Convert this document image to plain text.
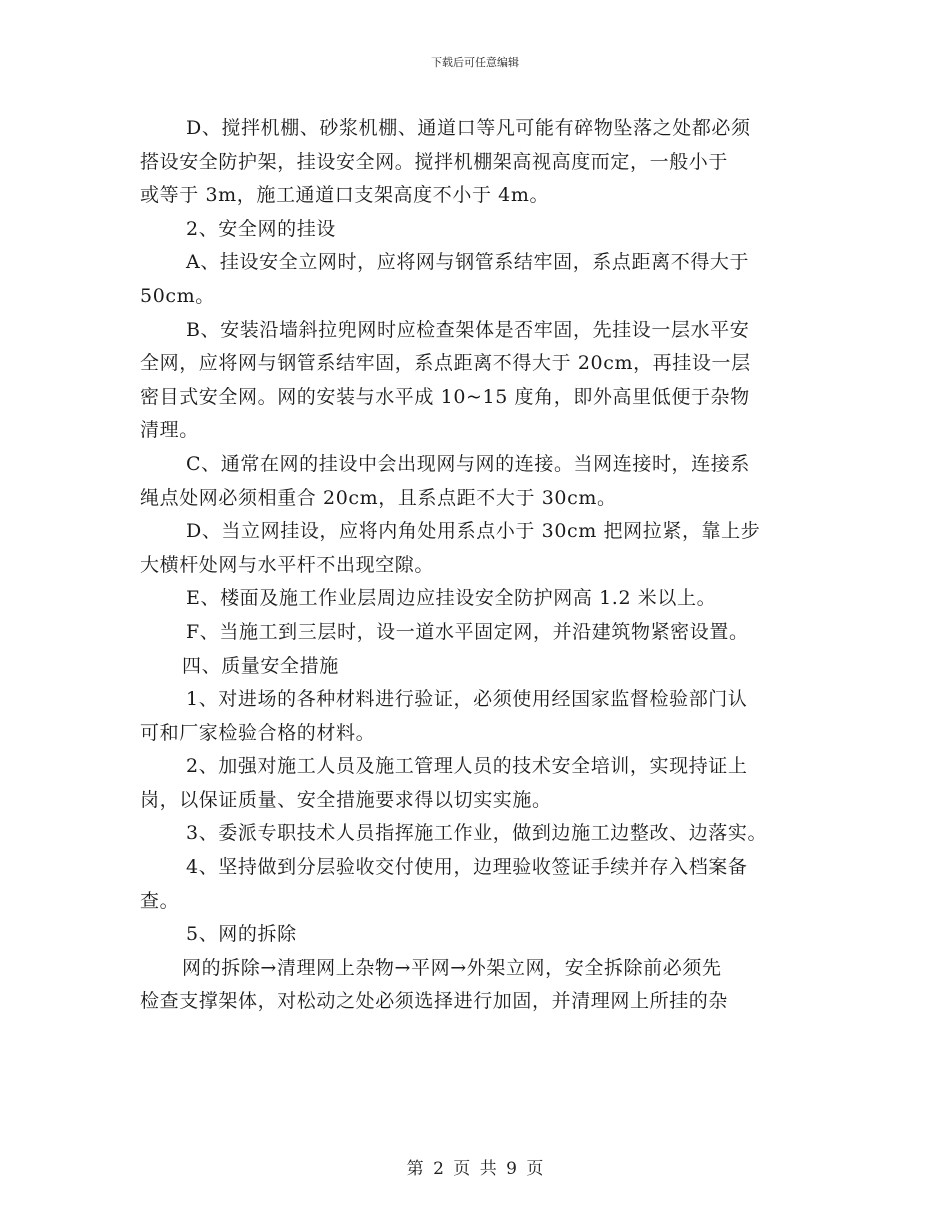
下载后可任意编辑
D、搅拌机棚、砂浆机棚、通道口等凡可能有碎物坠落之处都必须
搭设安全防护架，挂设安全网。搅拌机棚架高视高度而定，一般小于
或等于 3m，施工通道口支架高度不小于 4m。
2、安全网的挂设
A、挂设安全立网时，应将网与钢管系结牢固，系点距离不得大于
50cm。
B、安装沿墙斜拉兜网时应检查架体是否牢固，先挂设一层水平安
全网，应将网与钢管系结牢固，系点距离不得大于 20cm，再挂设一层
密目式安全网。网的安装与水平成 10~15 度角，即外高里低便于杂物
清理。
C、通常在网的挂设中会出现网与网的连接。当网连接时，连接系
绳点处网必须相重合 20cm，且系点距不大于 30cm。
D、当立网挂设，应将内角处用系点小于 30cm 把网拉紧，靠上步
大横杆处网与水平杆不出现空隙。
E、楼面及施工作业层周边应挂设安全防护网高 1.2 米以上。
F、当施工到三层时，设一道水平固定网，并沿建筑物紧密设置。
四、质量安全措施
1、对进场的各种材料进行验证，必须使用经国家监督检验部门认
可和厂家检验合格的材料。
2、加强对施工人员及施工管理人员的技术安全培训，实现持证上
岗，以保证质量、安全措施要求得以切实实施。
3、委派专职技术人员指挥施工作业，做到边施工边整改、边落实。
4、坚持做到分层验收交付使用，边理验收签证手续并存入档案备
查。
5、网的拆除
网的拆除→清理网上杂物→平网→外架立网，安全拆除前必须先
检查支撑架体，对松动之处必须选择进行加固，并清理网上所挂的杂
第 2 页 共 9 页
